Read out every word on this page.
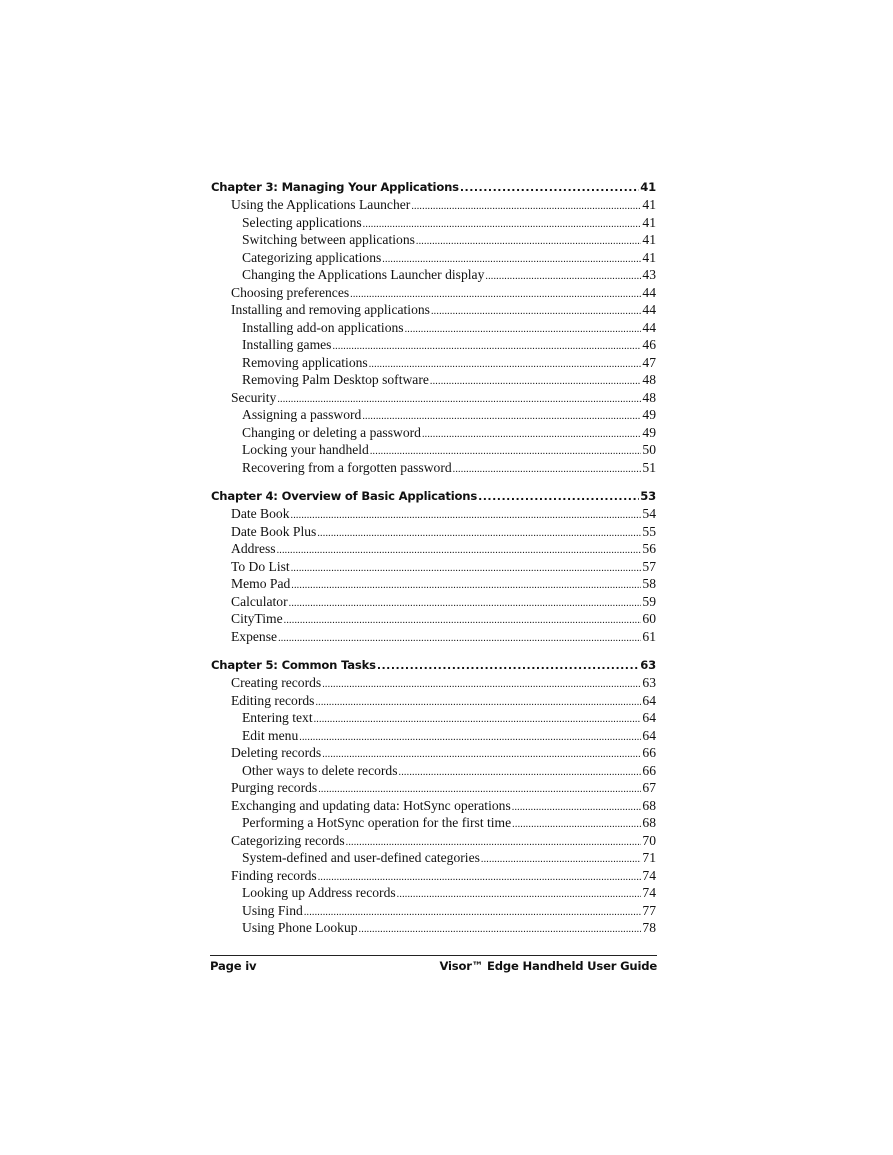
Chapter 3: Managing Your Applications .....	41
Using the Applications Launcher .....	41
Selecting applications .....	41
Switching between applications .....	41
Categorizing applications .....	41
Changing the Applications Launcher display .....	43
Choosing preferences .....	44
Installing and removing applications .....	44
Installing add-on applications .....	44
Installing games .....	46
Removing applications .....	47
Removing Palm Desktop software .....	48
Security .....	48
Assigning a password .....	49
Changing or deleting a password .....	49
Locking your handheld .....	50
Recovering from a forgotten password .....	51
Chapter 4: Overview of Basic Applications .....	53
Date Book .....	54
Date Book Plus .....	55
Address .....	56
To Do List .....	57
Memo Pad .....	58
Calculator .....	59
CityTime .....	60
Expense .....	61
Chapter 5: Common Tasks .....	63
Creating records .....	63
Editing records .....	64
Entering text .....	64
Edit menu .....	64
Deleting records .....	66
Other ways to delete records .....	66
Purging records .....	67
Exchanging and updating data: HotSync operations .....	68
Performing a HotSync operation for the first time .....	68
Categorizing records .....	70
System-defined and user-defined categories .....	71
Finding records .....	74
Looking up Address records .....	74
Using Find .....	77
Using Phone Lookup .....	78
Page iv	Visor™ Edge Handheld User Guide
